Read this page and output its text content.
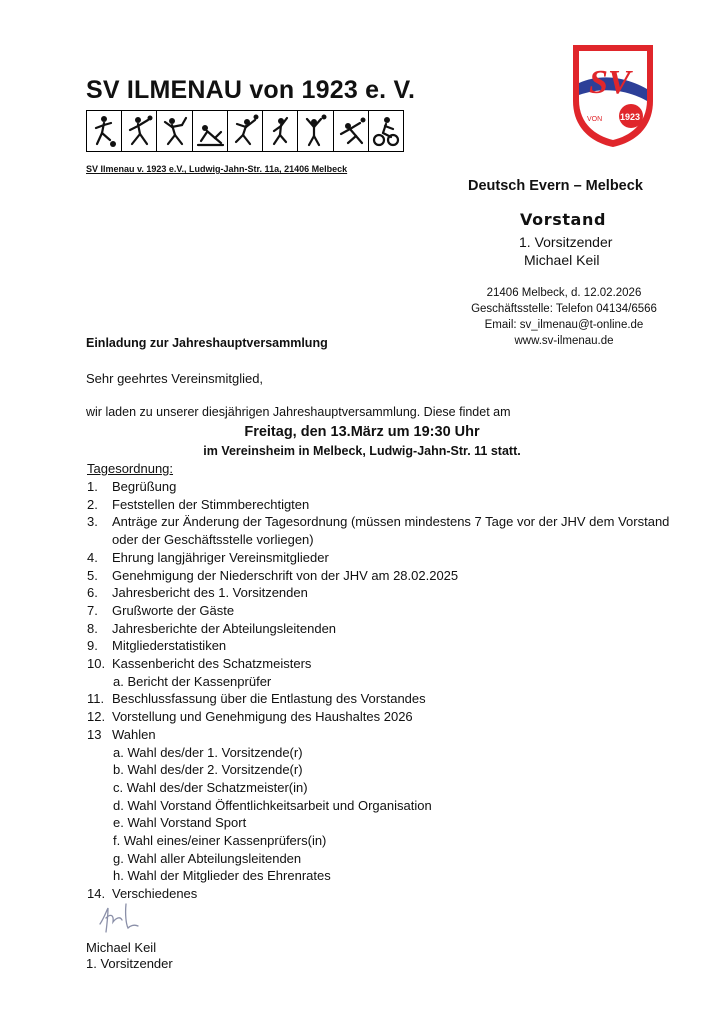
SV ILMENAU von 1923 e. V.
SV Ilmenau v. 1923 e.V., Ludwig-Jahn-Str. 11a, 21406 Melbeck
SV
1923
VON
Deutsch Evern – Melbeck
Vorstand
1. Vorsitzender
Michael Keil
21406 Melbeck, d. 12.02.2026
Geschäftsstelle: Telefon 04134/6566
Email: sv_ilmenau@t-online.de
www.sv-ilmenau.de
Einladung zur Jahreshauptversammlung
Sehr geehrtes Vereinsmitglied,
wir laden zu unserer diesjährigen Jahreshauptversammlung. Diese findet am
Freitag, den 13.März um 19:30 Uhr
im Vereinsheim in Melbeck, Ludwig-Jahn-Str. 11 statt.
Tagesordnung:
1.	Begrüßung
2.	Feststellen der Stimmberechtigten
3.	Anträge zur Änderung der Tagesordnung (müssen mindestens 7 Tage vor der JHV dem Vorstand oder der Geschäftsstelle vorliegen)
4.	Ehrung langjähriger Vereinsmitglieder
5.	Genehmigung der Niederschrift von der JHV am 28.02.2025
6.	Jahresbericht des 1. Vorsitzenden
7.	Grußworte der Gäste
8.	Jahresberichte der Abteilungsleitenden
9.	Mitgliederstatistiken
10. Kassenbericht des Schatzmeisters
a. Bericht der Kassenprüfer
11. Beschlussfassung über die Entlastung des Vorstandes
12. Vorstellung und Genehmigung des Haushaltes 2026
13 Wahlen
a. Wahl des/der 1. Vorsitzende(r)
b. Wahl des/der 2. Vorsitzende(r)
c. Wahl des/der Schatzmeister(in)
d. Wahl Vorstand Öffentlichkeitsarbeit und Organisation
e. Wahl Vorstand Sport
f. Wahl eines/einer Kassenprüfers(in)
g. Wahl aller Abteilungsleitenden
h. Wahl der Mitglieder des Ehrenrates
14. Verschiedenes
Michael Keil
1. Vorsitzender
